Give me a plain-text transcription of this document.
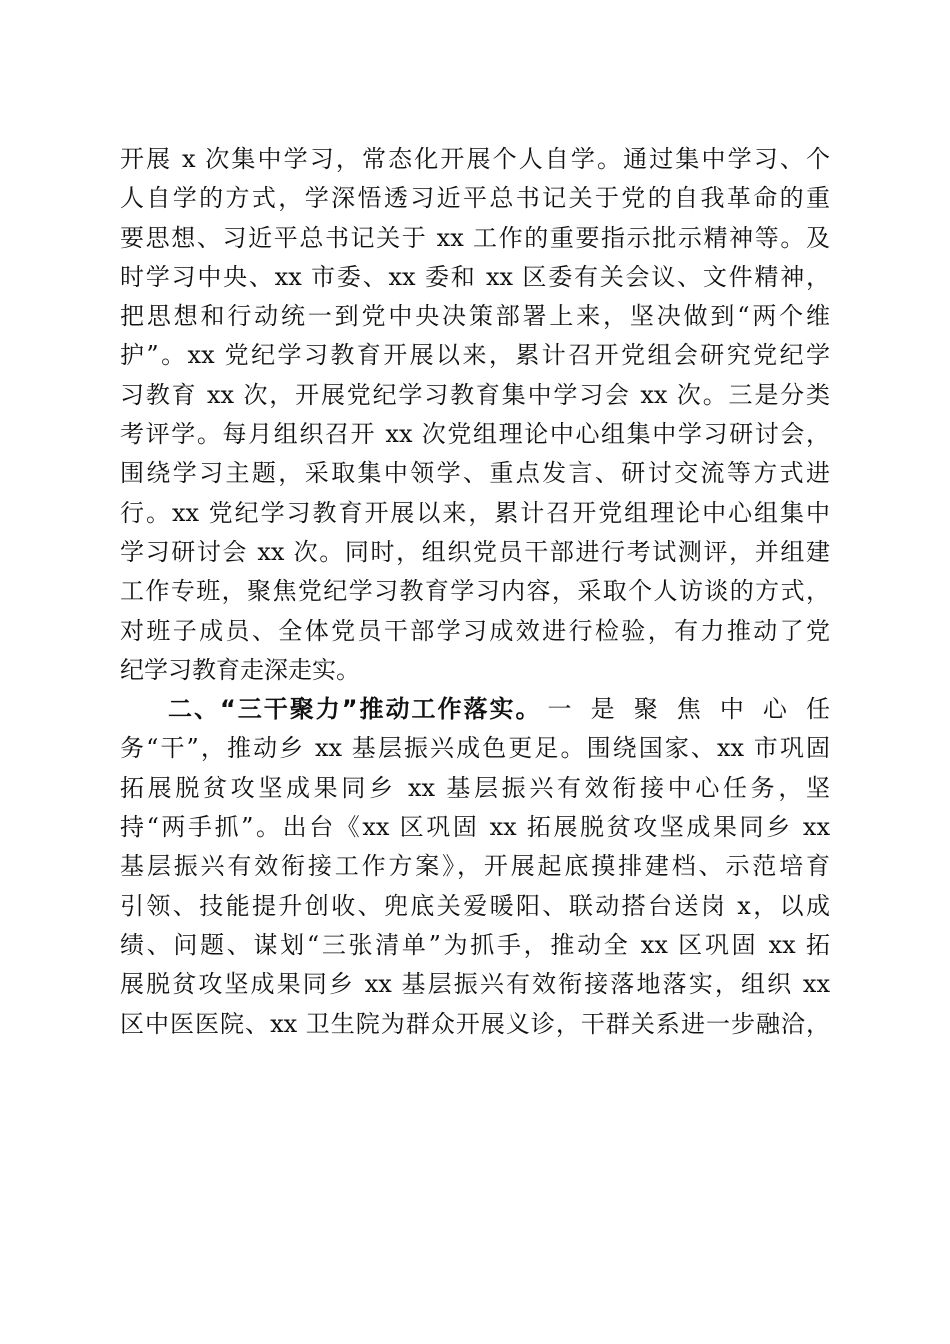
开展 x 次集中学习，常态化开展个人自学。通过集中学习、个
人自学的方式，学深悟透习近平总书记关于党的自我革命的重
要思想、习近平总书记关于 xx 工作的重要指示批示精神等。及
时学习中央、xx 市委、xx 委和 xx 区委有关会议、文件精神，
把思想和行动统一到党中央决策部署上来，坚决做到“两个维
护”。xx 党纪学习教育开展以来，累计召开党组会研究党纪学
习教育 xx 次，开展党纪学习教育集中学习会 xx 次。三是分类
考评学。每月组织召开 xx 次党组理论中心组集中学习研讨会，
围绕学习主题，采取集中领学、重点发言、研讨交流等方式进
行。xx 党纪学习教育开展以来，累计召开党组理论中心组集中
学习研讨会 xx 次。同时，组织党员干部进行考试测评，并组建
工作专班，聚焦党纪学习教育学习内容，采取个人访谈的方式，
对班子成员、全体党员干部学习成效进行检验，有力推动了党
纪学习教育走深走实。
二、“三干聚力”推动工作落实。 一是聚焦中心任
务“干”，推动乡 xx 基层振兴成色更足。围绕国家、xx 市巩固
拓展脱贫攻坚成果同乡 xx 基层振兴有效衔接中心任务，坚
持“两手抓”。出台《xx 区巩固 xx 拓展脱贫攻坚成果同乡 xx
基层振兴有效衔接工作方案》，开展起底摸排建档、示范培育
引领、技能提升创收、兜底关爱暖阳、联动搭台送岗 x，以成
绩、问题、谋划“三张清单”为抓手，推动全 xx 区巩固 xx 拓
展脱贫攻坚成果同乡 xx 基层振兴有效衔接落地落实，组织 xx
区中医医院、xx 卫生院为群众开展义诊，干群关系进一步融洽，
